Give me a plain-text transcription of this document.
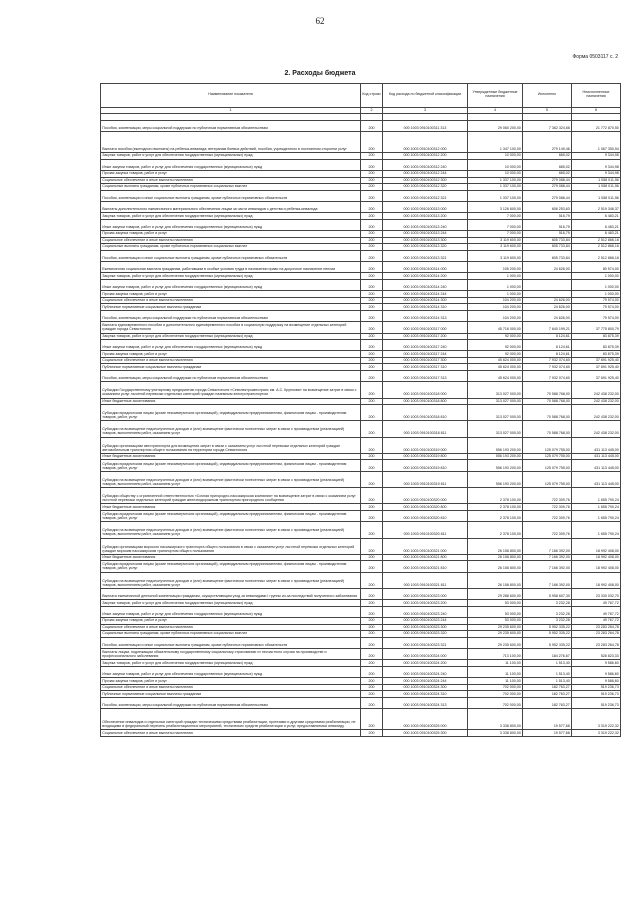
62
Форма 0503117 с. 2
2. Расходы бюджета
Наименование показателя	Код строки	Код расхода по бюджетной классификации	Утвержденные бюджетные назначения	Исполнено	Неисполненные назначения
1	2	3	4	5	6

Пособия, компенсации, меры социальной поддержки по публичным нормативным обязательствам	200	000 1003 0910100311 313	29 060 200,00	7 362 324,66	21 772 870,50
Выплата пособия (ежегодного выплаты) на ребенка-инвалида; ветеранам боевых действий, пособия, учрежденного в постоянном сторонни услуг	200	000 1003 0910100312 000	1 347 100,00	279 149,46	1 067 350,54
Закупка товаров, работ и услуг для обеспечения государственных (муниципальных) нужд	200	000 1003 0910100312 200	10 000,00	665,02	9 344,98
Иные закупки товаров, работ и услуг для обеспечения государственных (муниципальных) нужд	200	000 1003 0910100312 240	10 000,00	665,02	9 344,98
Прочая закупка товаров, работ и услуг	200	000 1003 0910100312 244	10 000,00	665,02	9 344,98
Социальное обеспечение и иные выплаты населению	200	000 1003 0910100312 300	1 337 100,00	279 088,44	1 058 011,56
Социальные выплаты гражданам, кроме публичных нормативных социальных выплат	200	000 1003 0910100312 320	1 337 100,00	279 088,44	1 058 011,56
Пособия, компенсации и иные социальные выплаты гражданам, кроме публичных нормативных обязательств	200	000 1003 0910100312 321	1 337 100,00	279 088,44	1 058 011,56
Выплаты дополнительного ежемесячного материального обеспечения лицам за части инвалидов с детства и ребенка-инвалида	200	000 1003 0910100313 000	3 126 600,00	606 253,63	2 519 346,37
Закупка товаров, работ и услуг для обеспечения государственных (муниципальных) нужд	200	000 1003 0910100313 200	7 000,00	516,79	6 483,21
Иные закупки товаров, работ и услуг для обеспечения государственных (муниципальных) нужд	200	000 1003 0910100313 240	7 000,00	516,79	6 483,21
Прочая закупка товаров, работ и услуг	200	000 1003 0910100313 244	7 000,00	516,79	6 483,21
Социальное обеспечение и иные выплаты населению	200	000 1003 0910100313 300	3 119 600,00	605 733,84	2 512 866,16
Социальные выплаты гражданам, кроме публичных нормативных социальных выплат	200	000 1003 0910100313 320	3 119 600,00	605 733,84	2 512 866,16
Пособия, компенсации и иные социальные выплаты гражданам, кроме публичных нормативных обязательств	200	000 1003 0910100313 321	3 119 600,00	605 733,84	2 512 866,16
Ежемесячная социальная выплата гражданам, работавшим в особые условия труда в назначении право на досрочное назначение пенсии	200	000 1003 0910100314 000	105 200,00	24 626,00	80 574,00
Закупка товаров, работ и услуг для обеспечения государственных (муниципальных) нужд	200	000 1003 0910100314 200	1 000,00		1 000,00
Иные закупки товаров, работ и услуг для обеспечения государственных (муниципальных) нужд	200	000 1003 0910100314 240	1 000,00		1 000,00
Прочая закупка товаров, работ и услуг	200	000 1003 0910100314 244	1 000,00		1 000,00
Социальное обеспечение и иные выплаты населению	200	000 1003 0910100314 300	104 200,00	24 626,00	79 574,00
Публичные нормативные социальные выплаты гражданам	200	000 1003 0910100314 310	104 200,00	24 626,00	79 574,00
Пособия, компенсации, меры социальной поддержки по публичным нормативным обязательствам	200	000 1003 0910100314 313	104 200,00	24 626,00	79 574,00
Выплата единовременного пособия и дополнительного единовременного пособия в социальную поддержку на возмещение отдельных категорий граждан города Севастополя	200	000 1003 0910100317 000	45 716 000,00	7 640 199,21	37 775 800,79
Закупка товаров, работ и услуг для обеспечения государственных (муниципальных) нужд	200	000 1003 0910100317 200	92 000,00	8 124,61	83 875,39
Иные закупки товаров, работ и услуг для обеспечения государственных (муниципальных) нужд	200	000 1003 0910100317 240	92 000,00	8 124,61	83 875,39
Прочая закупка товаров, работ и услуг	200	000 1003 0910100317 244	92 000,00	8 124,61	83 875,39
Социальное обеспечение и иные выплаты населению	200	000 1003 0910100317 300	45 624 000,00	7 932 074,60	37 691 925,40
Публичные нормативные социальные выплаты гражданам	200	000 1003 0910100317 310	45 624 000,00	7 932 074,60	37 691 925,40
Пособия, компенсации, меры социальной поддержки по публичным нормативным обязательствам	200	000 1003 0910100317 313	45 624 000,00	7 932 074,60	37 691 925,40
Субсидии Государственному унитарному предприятию города Севастополя «Севэлектроавтотранс им. А.С. Крупнова» на возмещение затрат в связи с оказанием услуг льготной перевозки отдельных категорий граждан наземным электротранспортом	200	000 1003 0910100318 000	313 027 000,00	70 588 768,00	242 438 232,00
Иные бюджетные ассигнования	200	000 1003 0910100318 800	313 027 000,00	70 588 768,00	242 438 232,00
Субсидии юридическим лицам (кроме некоммерческих организаций), индивидуальным предпринимателям, физическим лицам - производителям товаров, работ, услуг	200	000 1003 0910100318 810	313 027 000,00	70 588 768,00	242 438 232,00
Субсидии на возмещение недополученных доходов и (или) возмещение фактически понесенных затрат в связи с производством (реализацией) товаров, выполнением работ, оказанием услуг	200	000 1003 0910100318 811	313 027 000,00	70 588 768,00	242 438 232,00
Субсидии организациям автотранспорта для возмещения затрат в связи с оказанием услуг льготной перевозки отдельных категорий граждан автомобильным транспортом общего пользования на территории города Севастополя	200	000 1003 0910100319 000	556 193 200,00	125 079 755,00	431 113 445,00
Иные бюджетные ассигнования	200	000 1003 0910100319 800	556 193 200,00	125 079 755,00	431 113 445,00
Субсидии юридическим лицам (кроме некоммерческих организаций), индивидуальным предпринимателям, физическим лицам - производителям товаров, работ, услуг	200	000 1003 0910100319 810	556 193 200,00	125 079 755,00	431 113 445,00
Субсидии на возмещение недополученных доходов и (или) возмещение фактически понесенных затрат в связи с производством (реализацией) товаров, выполнением работ, оказанием услуг	200	000 1003 0910100319 811	556 193 200,00	125 079 755,00	431 113 445,00
Субсидии обществу с ограниченной ответственностью «Сочная пригородно-пассажирская компания» на возмещение затрат в связи с оказанием услуг льготной перевозки отдельных категорий граждан железнодорожным транспортом пригородного сообщения	200	000 1003 0910100320 000	2 378 100,00	722 309,76	1 655 790,24
Иные бюджетные ассигнования	200	000 1003 0910100320 800	2 378 100,00	722 309,76	1 655 790,24
Субсидии юридическим лицам (кроме некоммерческих организаций), индивидуальным предпринимателям, физическим лицам - производителям товаров, работ, услуг	200	000 1003 0910100320 810	2 378 100,00	722 309,76	1 655 790,24
Субсидии на возмещение недополученных доходов и (или) возмещение фактически понесенных затрат в связи с производством (реализацией) товаров, выполнением работ, оказанием услуг	200	000 1003 0910100320 811	2 378 100,00	722 309,76	1 655 790,24
Субсидии организациям морского пассажирского транспорта общего пользования в связи с оказанием услуг льготной перевозки отдельных категорий граждан морским пассажирским транспортом общего пользования	200	000 1003 0910100321 000	26 158 800,00	7 166 392,00	18 992 408,00
Иные бюджетные ассигнования	200	000 1003 0910100321 800	26 158 800,00	7 166 392,00	18 992 408,00
Субсидии юридическим лицам (кроме некоммерческих организаций), индивидуальным предпринимателям, физическим лицам - производителям товаров, работ, услуг	200	000 1003 0910100321 810	26 158 800,00	7 166 392,00	18 992 408,00
Субсидии на возмещение недополученных доходов и (или) возмещение фактически понесенных затрат в связи с производством (реализацией) товаров, выполнением работ, оказанием услуг	200	000 1003 0910100321 811	26 158 800,00	7 166 392,00	18 992 408,00
Выплата ежемесячной денежной компенсации гражданам, осуществляющим уход за инвалидами I группы из-за последствий полученного заболевания	200	000 1003 0910100323 000	29 288 600,00	5 958 607,30	23 330 032,70
Закупка товаров, работ и услуг для обеспечения государственных (муниципальных) нужд	200	000 1003 0910100323 200	53 000,00	3 232,28	49 767,72
Иные закупки товаров, работ и услуг для обеспечения государственных (муниципальных) нужд	200	000 1003 0910100323 240	53 000,00	3 232,28	49 767,72
Прочая закупка товаров, работ и услуг	200	000 1003 0910100323 244	53 000,00	3 232,28	49 767,72
Социальное обеспечение и иные выплаты населению	200	000 1003 0910100323 300	29 235 600,00	5 952 335,22	23 283 264,78
Социальные выплаты гражданам, кроме публичных нормативных социальных выплат	200	000 1003 0910100323 320	29 235 600,00	5 952 335,22	23 283 264,78
Пособия, компенсации и иные социальные выплаты гражданам, кроме публичных нормативных обязательств	200	000 1003 0910100323 321	29 235 600,00	5 952 335,22	23 283 264,78
Выплаты лицам, подлежащим обязательному государственному социальному страхованию от несчастного случая на производстве и профессионального заболевания	200	000 1003 0910100324 000	713 100,00	184 276,67	528 823,33
Закупка товаров, работ и услуг для обеспечения государственных (муниципальных) нужд	200	000 1003 0910100324 200	11 100,00	1 513,40	9 586,60
Иные закупки товаров, работ и услуг для обеспечения государственных (муниципальных) нужд	200	000 1003 0910100324 240	11 100,00	1 513,40	9 586,60
Прочая закупка товаров, работ и услуг	200	000 1003 0910100324 244	11 100,00	1 513,40	9 586,60
Социальное обеспечение и иные выплаты населению	200	000 1003 0910100324 300	702 000,00	182 763,27	519 236,73
Публичные нормативные социальные выплаты гражданам	200	000 1003 0910100324 310	702 000,00	182 763,27	519 236,73
Пособия, компенсации, меры социальной поддержки по публичным нормативным обязательствам	200	000 1003 0910100324 313	702 000,00	182 763,27	519 236,73
Обеспечение инвалидов и отдельных категорий граждан техническими средствами реабилитации, протезами и другими средствами реабилитации, не входящими в федеральный перечень реабилитационных мероприятий, технических средств реабилитации и услуг, предоставляемых инвалиду	200	000 1003 0910100325 000	3 338 800,00	19 577,68	3 319 222,32
Социальное обеспечение и иные выплаты населению	200	000 1003 0910100325 300	3 338 800,00	19 577,68	3 319 222,32
